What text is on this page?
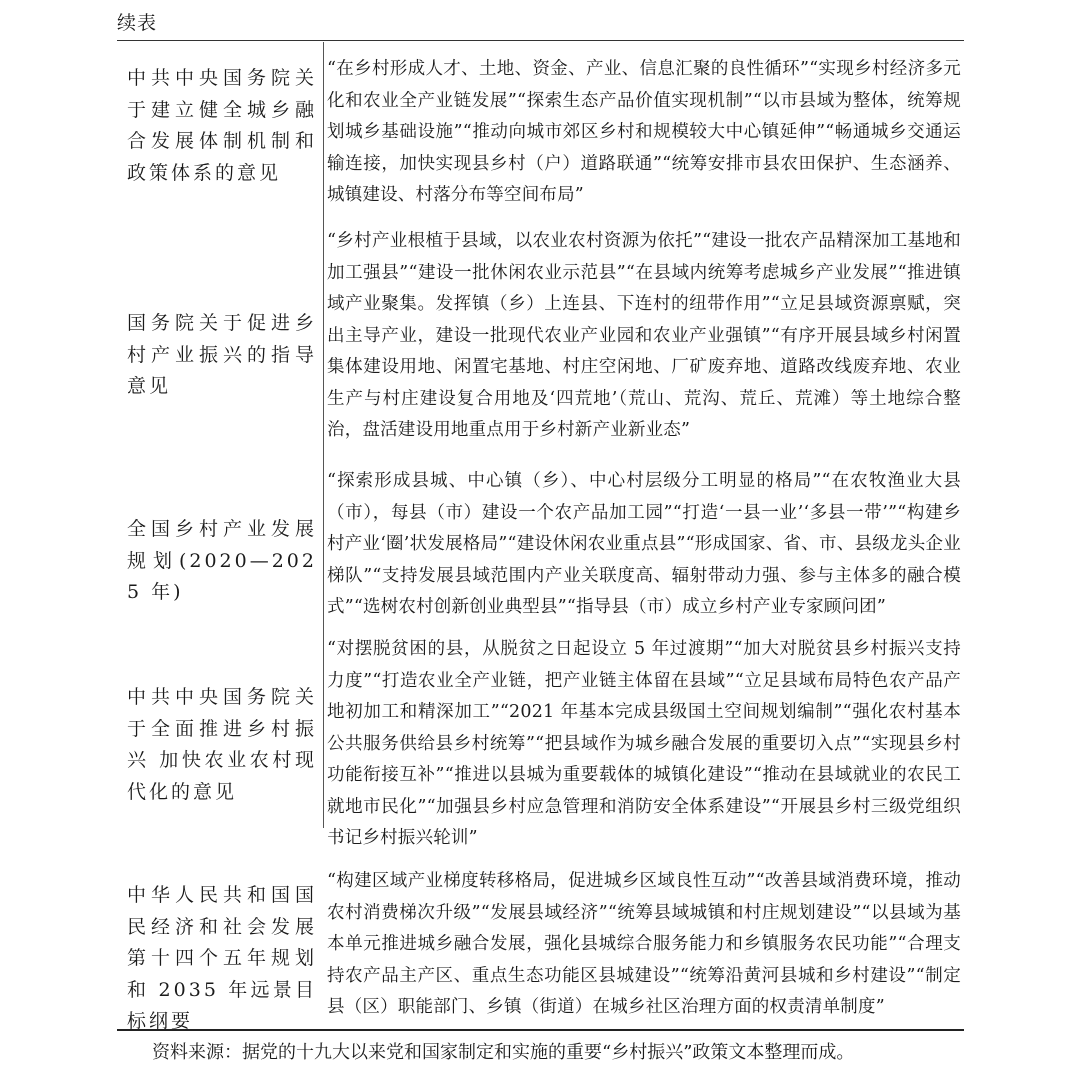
续表
中共中央国务院关于建立健全城乡融合发展体制机制和政策体系的意见
“在乡村形成人才、土地、资金、产业、信息汇聚的良性循环”“实现乡村经济多元化和农业全产业链发展”“探索生态产品价值实现机制”“以市县域为整体，统筹规划城乡基础设施”“推动向城市郊区乡村和规模较大中心镇延伸”“畅通城乡交通运输连接，加快实现县乡村（户）道路联通”“统筹安排市县农田保护、生态涵养、城镇建设、村落分布等空间布局”
国务院关于促进乡村产业振兴的指导意见
“乡村产业根植于县域，以农业农村资源为依托”“建设一批农产品精深加工基地和加工强县”“建设一批休闲农业示范县”“在县域内统筹考虑城乡产业发展”“推进镇域产业聚集。发挥镇（乡）上连县、下连村的纽带作用”“立足县域资源禀赋，突出主导产业，建设一批现代农业产业园和农业产业强镇”“有序开展县域乡村闲置集体建设用地、闲置宅基地、村庄空闲地、厂矿废弃地、道路改线废弃地、农业生产与村庄建设复合用地及‘四荒地’（荒山、荒沟、荒丘、荒滩）等土地综合整治，盘活建设用地重点用于乡村新产业新业态”
全国乡村产业发展规划(2020—2025 年)
“探索形成县城、中心镇（乡）、中心村层级分工明显的格局”“在农牧渔业大县（市），每县（市）建设一个农产品加工园”“打造‘一县一业’‘多县一带’”“构建乡村产业‘圈’状发展格局”“建设休闲农业重点县”“形成国家、省、市、县级龙头企业梯队”“支持发展县域范围内产业关联度高、辐射带动力强、参与主体多的融合模式”“选树农村创新创业典型县”“指导县（市）成立乡村产业专家顾问团”
中共中央国务院关于全面推进乡村振兴 加快农业农村现代化的意见
“对摆脱贫困的县，从脱贫之日起设立 5 年过渡期”“加大对脱贫县乡村振兴支持力度”“打造农业全产业链，把产业链主体留在县域”“立足县域布局特色农产品产地初加工和精深加工”“2021 年基本完成县级国土空间规划编制”“强化农村基本公共服务供给县乡村统筹”“把县域作为城乡融合发展的重要切入点”“实现县乡村功能衔接互补”“推进以县城为重要载体的城镇化建设”“推动在县域就业的农民工就地市民化”“加强县乡村应急管理和消防安全体系建设”“开展县乡村三级党组织书记乡村振兴轮训”
中华人民共和国国民经济和社会发展第十四个五年规划和 2035 年远景目标纲要
“构建区域产业梯度转移格局，促进城乡区域良性互动”“改善县域消费环境，推动农村消费梯次升级”“发展县域经济”“统筹县域城镇和村庄规划建设”“以县域为基本单元推进城乡融合发展，强化县城综合服务能力和乡镇服务农民功能”“合理支持农产品主产区、重点生态功能区县城建设”“统筹沿黄河县城和乡村建设”“制定县（区）职能部门、乡镇（街道）在城乡社区治理方面的权责清单制度”
资料来源：据党的十九大以来党和国家制定和实施的重要“乡村振兴”政策文本整理而成。
